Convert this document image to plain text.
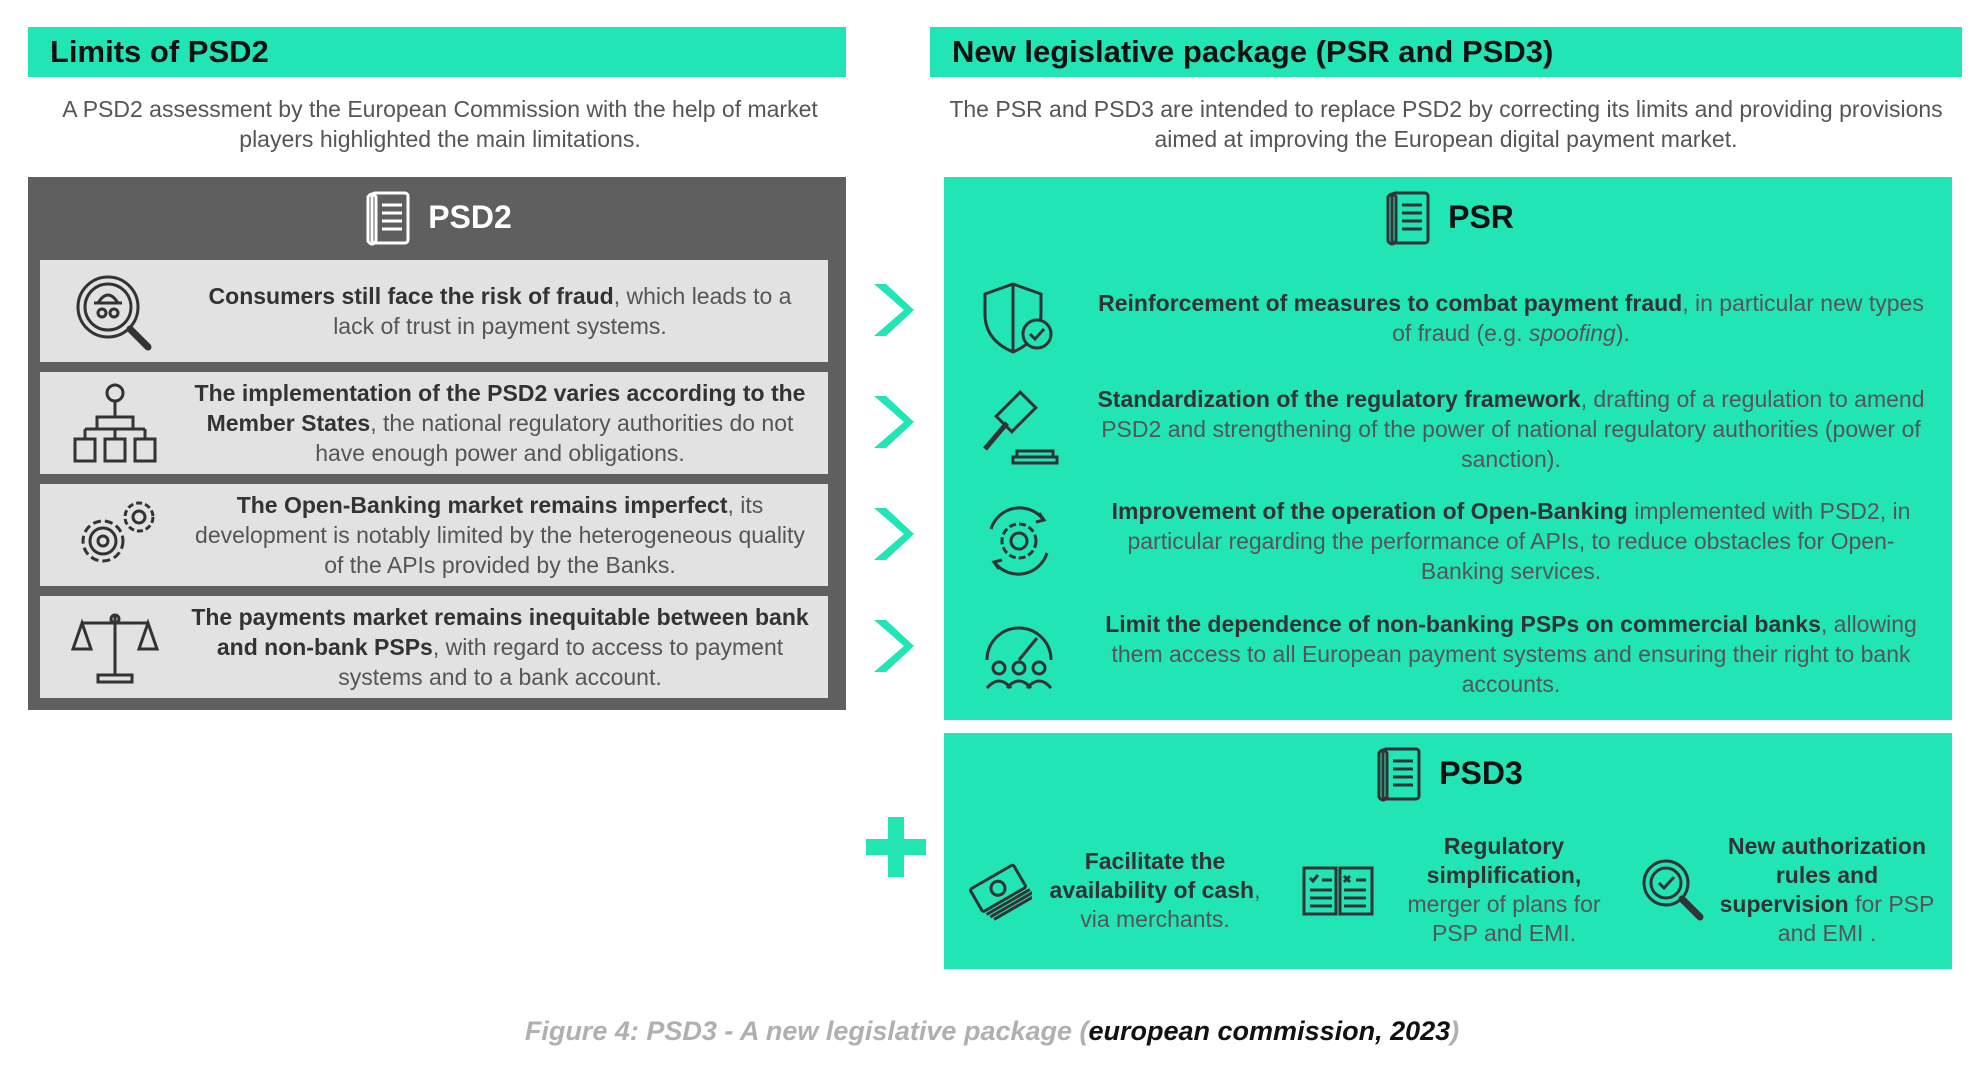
Limits of PSD2
A PSD2 assessment by the European Commission with the help of market players highlighted the main limitations.
PSD2
Consumers still face the risk of fraud, which leads to a lack of trust in payment systems.
The implementation of the PSD2 varies according to the Member States, the national regulatory authorities do not have enough power and obligations.
The Open-Banking market remains imperfect, its development is notably limited by the heterogeneous quality of the APIs provided by the Banks.
The payments market remains inequitable between bank and non-bank PSPs, with regard to access to payment systems and to a bank account.
New legislative package (PSR and PSD3)
The PSR and PSD3 are intended to replace PSD2 by correcting its limits and providing provisions aimed at improving the European digital payment market.
PSR
Reinforcement of measures to combat payment fraud, in particular new types of fraud (e.g. spoofing).
Standardization of the regulatory framework, drafting of a regulation to amend PSD2 and strengthening of the power of national regulatory authorities (power of sanction).
Improvement of the operation of Open-Banking implemented with PSD2, in particular regarding the performance of APIs, to reduce obstacles for Open-Banking services.
Limit the dependence of non-banking PSPs on commercial banks, allowing them access to all European payment systems and ensuring their right to bank accounts.
PSD3
Facilitate the availability of cash, via merchants.
Regulatory simplification, merger of plans for PSP and EMI.
New authorization rules and supervision for PSP and EMI .
Figure 4: PSD3 - A new legislative package (european commission, 2023)
